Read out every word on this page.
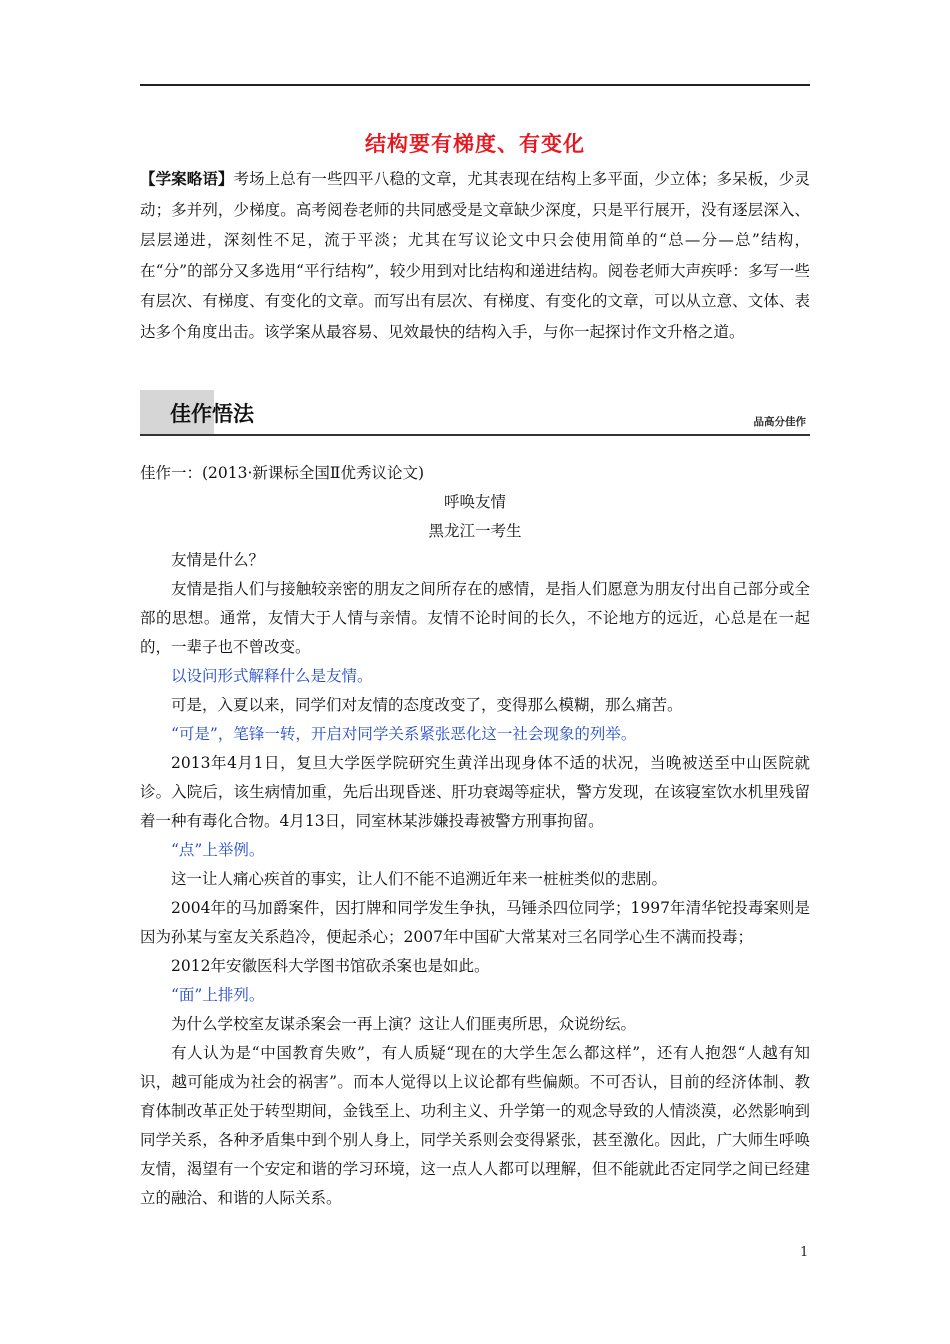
结构要有梯度、有变化
【学案略语】考场上总有一些四平八稳的文章，尤其表现在结构上多平面，少立体；多呆板，少灵动；多并列，少梯度。高考阅卷老师的共同感受是文章缺少深度，只是平行展开，没有逐层深入、层层递进，深刻性不足，流于平淡；尤其在写议论文中只会使用简单的“总—分—总”结构，在“分”的部分又多选用“平行结构”，较少用到对比结构和递进结构。阅卷老师大声疾呼：多写一些有层次、有梯度、有变化的文章。而写出有层次、有梯度、有变化的文章，可以从立意、文体、表达多个角度出击。该学案从最容易、见效最快的结构入手，与你一起探讨作文升格之道。
佳作悟法	品高分佳作

佳作一：(2013·新课标全国Ⅱ优秀议论文)

呼唤友情

黑龙江一考生

友情是什么？

友情是指人们与接触较亲密的朋友之间所存在的感情，是指人们愿意为朋友付出自己部分或全部的思想。通常，友情大于人情与亲情。友情不论时间的长久，不论地方的远近，心总是在一起的，一辈子也不曾改变。

以设问形式解释什么是友情。

可是，入夏以来，同学们对友情的态度改变了，变得那么模糊，那么痛苦。

“可是”，笔锋一转，开启对同学关系紧张恶化这一社会现象的列举。

2013年4月1日，复旦大学医学院研究生黄洋出现身体不适的状况，当晚被送至中山医院就诊。入院后，该生病情加重，先后出现昏迷、肝功衰竭等症状，警方发现，在该寝室饮水机里残留着一种有毒化合物。4月13日，同室林某涉嫌投毒被警方刑事拘留。

“点”上举例。

这一让人痛心疾首的事实，让人们不能不追溯近年来一桩桩类似的悲剧。

2004年的马加爵案件，因打牌和同学发生争执，马锤杀四位同学；1997年清华铊投毒案则是因为孙某与室友关系趋冷，便起杀心；2007年中国矿大常某对三名同学心生不满而投毒；

2012年安徽医科大学图书馆砍杀案也是如此。

“面”上排列。

为什么学校室友谋杀案会一再上演？这让人们匪夷所思，众说纷纭。

有人认为是“中国教育失败”，有人质疑“现在的大学生怎么都这样”，还有人抱怨“人越有知识，越可能成为社会的祸害”。而本人觉得以上议论都有些偏颇。不可否认，目前的经济体制、教育体制改革正处于转型期间，金钱至上、功利主义、升学第一的观念导致的人情淡漠，必然影响到同学关系，各种矛盾集中到个别人身上，同学关系则会变得紧张，甚至激化。因此，广大师生呼唤友情，渴望有一个安定和谐的学习环境，这一点人人都可以理解，但不能就此否定同学之间已经建立的融洽、和谐的人际关系。

1
